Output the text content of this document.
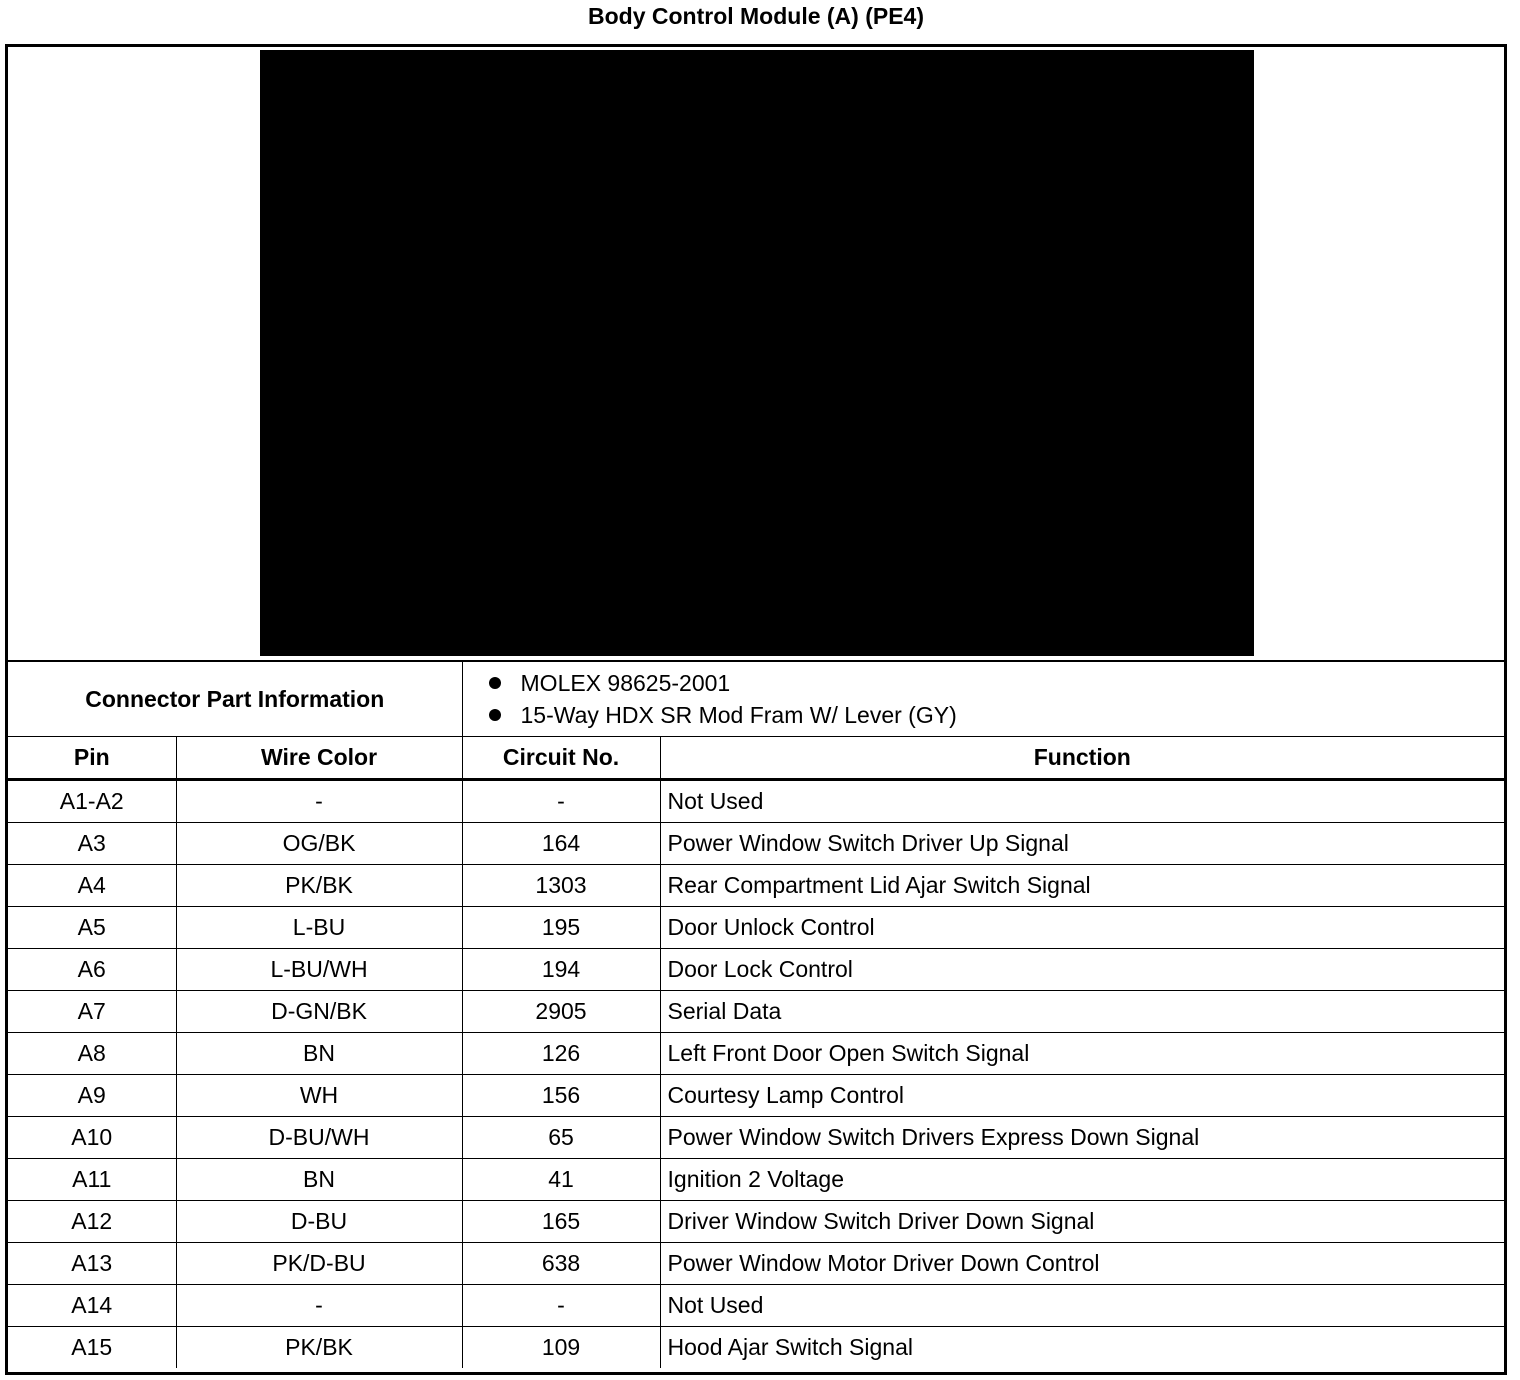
Body Control Module (A) (PE4)
Connector Part Information		MOLEX 98625-2001
15-Way HDX SR Mod Fram W/ Lever (GY)	

Pin	Wire Color	Circuit No.	Function
A1-A2	-	-	Not Used
A3	OG/BK	164	Power Window Switch Driver Up Signal
A4	PK/BK	1303	Rear Compartment Lid Ajar Switch Signal
A5	L-BU	195	Door Unlock Control
A6	L-BU/WH	194	Door Lock Control
A7	D-GN/BK	2905	Serial Data
A8	BN	126	Left Front Door Open Switch Signal
A9	WH	156	Courtesy Lamp Control
A10	D-BU/WH	65	Power Window Switch Drivers Express Down Signal
A11	BN	41	Ignition 2 Voltage
A12	D-BU	165	Driver Window Switch Driver Down Signal
A13	PK/D-BU	638	Power Window Motor Driver Down Control
A14	-	-	Not Used
A15	PK/BK	109	Hood Ajar Switch Signal
